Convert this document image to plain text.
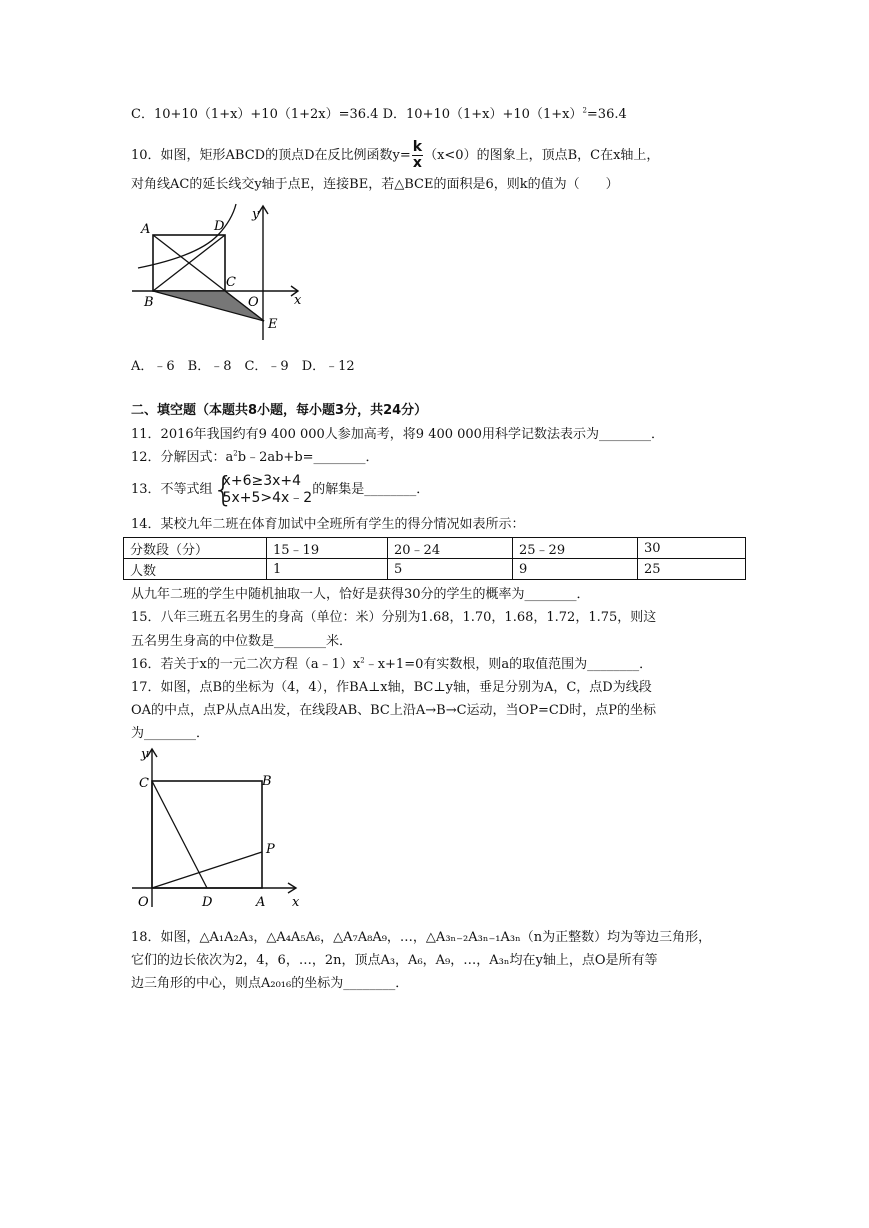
C．10+10（1+x）+10（1+2x）=36.4 D．$10+10(1+x)+10(1+x)^2=36.4$
10．如图，矩形ABCD的顶点D在反比例函数$y= \frac{k}{x} (x<0)$的图象上，顶点B，C在x轴上，
对角线AC的延长线交y轴于点E，连接BE，若△BCE的面积是6，则k的值为（　　）
A	D
y
C
B	O	x
E
A．﹣6　B．﹣8　C．﹣9　D．﹣12
二、填空题（本题共8小题，每小题3分，共24分）
11．2016年我国约有9 400 000人参加高考，将9 400 000用科学记数法表示为________．
12．分解因式：$a^2b﹣2ab+b=\_\_\_\_\_\_\_\_$．
13．不等式组 {
x+6≥3x+4
5x+5>4x﹣2 的解集是________．
14．某校九年二班在体育加试中全班所有学生的得分情况如表所示：
分数段（分）	15﹣19	20﹣24	25﹣29	30
人数	1	5	9	25
从九年二班的学生中随机抽取一人，恰好是获得30分的学生的概率为________．
15．八年三班五名男生的身高（单位：米）分别为1.68，1.70，1.68，1.72，1.75，则这
五名男生身高的中位数是________米．
16．若关于x的一元二次方程$(a﹣1)x^2﹣x+1=0$有实数根，则a的取值范围为________．
17．如图，点B的坐标为（4，4），作BA⊥x轴，BC⊥y轴，垂足分别为A，C，点D为线段
OA的中点，点P从点A出发，在线段AB、BC上沿A→B→C运动，当OP=CD时，点P的坐标
为________．
y
C	B
P
O	D	A x
18．如图，△A₁A₂A₃，△A₄A₅A₆，△A₇A₈A₉，…，△A₃ₙ₋₂A₃ₙ₋₁A₃ₙ（n为正整数）均为等边三角形，
它们的边长依次为2，4，6，…，2n，顶点A₃，A₆，A₉，…，A₃ₙ均在y轴上，点O是所有等
边三角形的中心，则点A₂₀₁₆的坐标为________．
